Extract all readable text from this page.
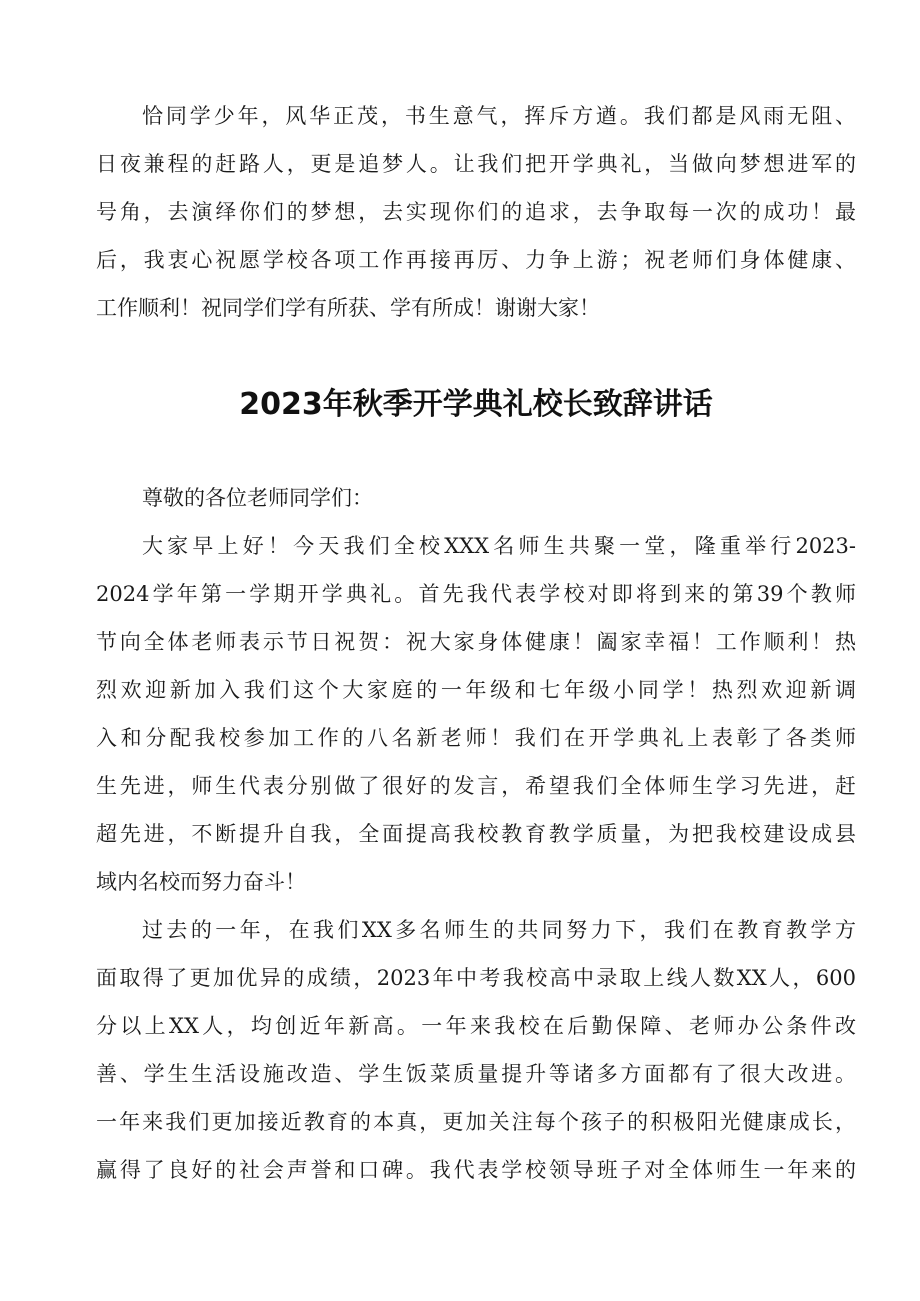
恰同学少年，风华正茂，书生意气，挥斥方遒。我们都是风雨无阻、
日夜兼程的赶路人，更是追梦人。让我们把开学典礼，当做向梦想进军的
号角，去演绎你们的梦想，去实现你们的追求，去争取每一次的成功！最
后，我衷心祝愿学校各项工作再接再厉、力争上游；祝老师们身体健康、
工作顺利！祝同学们学有所获、学有所成！谢谢大家！
2023年秋季开学典礼校长致辞讲话
尊敬的各位老师同学们：
大家早上好！今天我们全校XXX名师生共聚一堂，隆重举行2023-
2024学年第一学期开学典礼。首先我代表学校对即将到来的第39个教师
节向全体老师表示节日祝贺：祝大家身体健康！阖家幸福！工作顺利！热
烈欢迎新加入我们这个大家庭的一年级和七年级小同学！热烈欢迎新调
入和分配我校参加工作的八名新老师！我们在开学典礼上表彰了各类师
生先进，师生代表分别做了很好的发言，希望我们全体师生学习先进，赶
超先进，不断提升自我，全面提高我校教育教学质量，为把我校建设成县
域内名校而努力奋斗！
过去的一年，在我们XX多名师生的共同努力下，我们在教育教学方
面取得了更加优异的成绩，2023年中考我校高中录取上线人数XX人，600
分以上XX人，均创近年新高。一年来我校在后勤保障、老师办公条件改
善、学生生活设施改造、学生饭菜质量提升等诸多方面都有了很大改进。
一年来我们更加接近教育的本真，更加关注每个孩子的积极阳光健康成长，
赢得了良好的社会声誉和口碑。我代表学校领导班子对全体师生一年来的
